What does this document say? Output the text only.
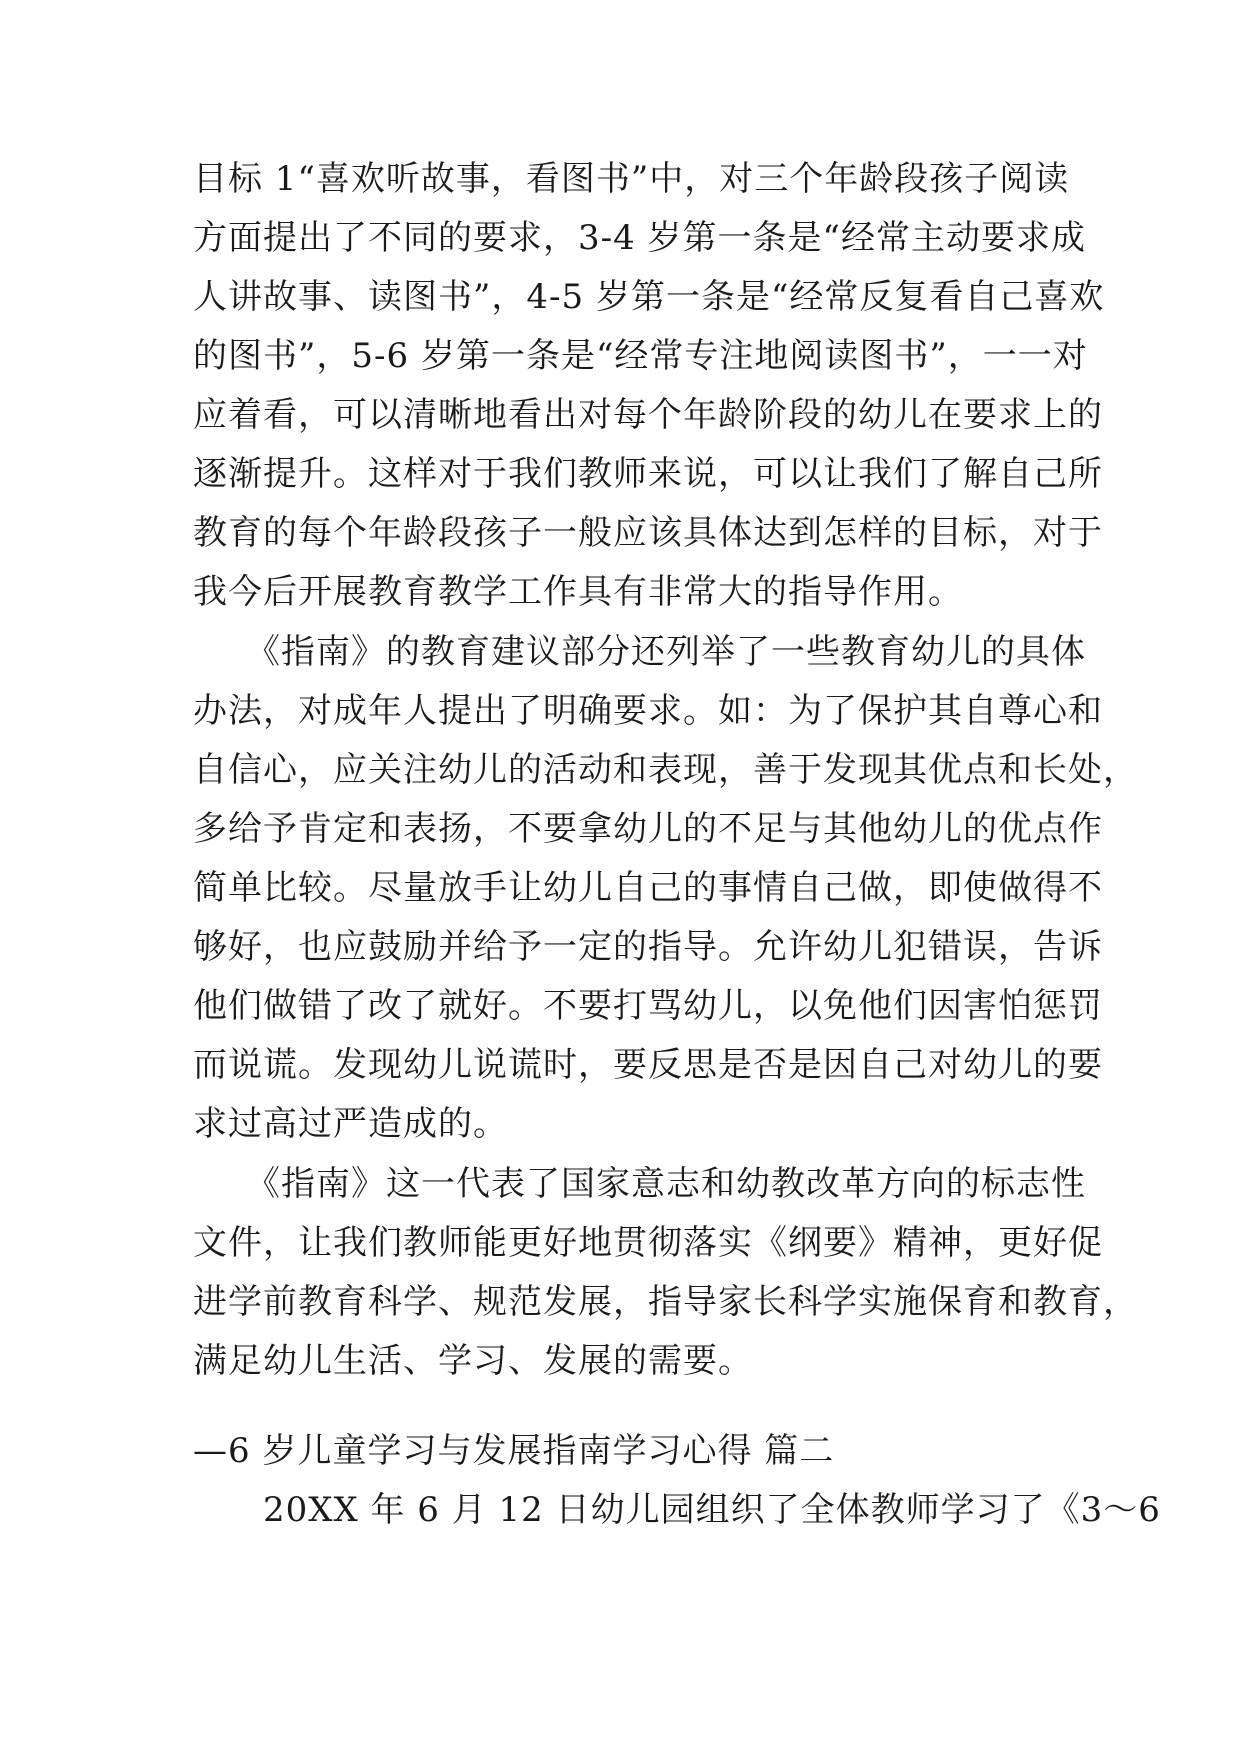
目标 1“喜欢听故事，看图书”中，对三个年龄段孩子阅读
方面提出了不同的要求，3-4 岁第一条是“经常主动要求成
人讲故事、读图书”，4-5 岁第一条是“经常反复看自己喜欢
的图书”，5-6 岁第一条是“经常专注地阅读图书”，一一对
应着看，可以清晰地看出对每个年龄阶段的幼儿在要求上的
逐渐提升。这样对于我们教师来说，可以让我们了解自己所
教育的每个年龄段孩子一般应该具体达到怎样的目标，对于
我今后开展教育教学工作具有非常大的指导作用。
　　《指南》的教育建议部分还列举了一些教育幼儿的具体
办法，对成年人提出了明确要求。如：为了保护其自尊心和
自信心，应关注幼儿的活动和表现，善于发现其优点和长处，
多给予肯定和表扬，不要拿幼儿的不足与其他幼儿的优点作
简单比较。尽量放手让幼儿自己的事情自己做，即使做得不
够好，也应鼓励并给予一定的指导。允许幼儿犯错误，告诉
他们做错了改了就好。不要打骂幼儿，以免他们因害怕惩罚
而说谎。发现幼儿说谎时，要反思是否是因自己对幼儿的要
求过高过严造成的。
　　《指南》这一代表了国家意志和幼教改革方向的标志性
文件，让我们教师能更好地贯彻落实《纲要》精神，更好促
进学前教育科学、规范发展，指导家长科学实施保育和教育，
满足幼儿生活、学习、发展的需要。
—6 岁儿童学习与发展指南学习心得 篇二
　　20XX 年 6 月 12 日幼儿园组织了全体教师学习了《3～6
